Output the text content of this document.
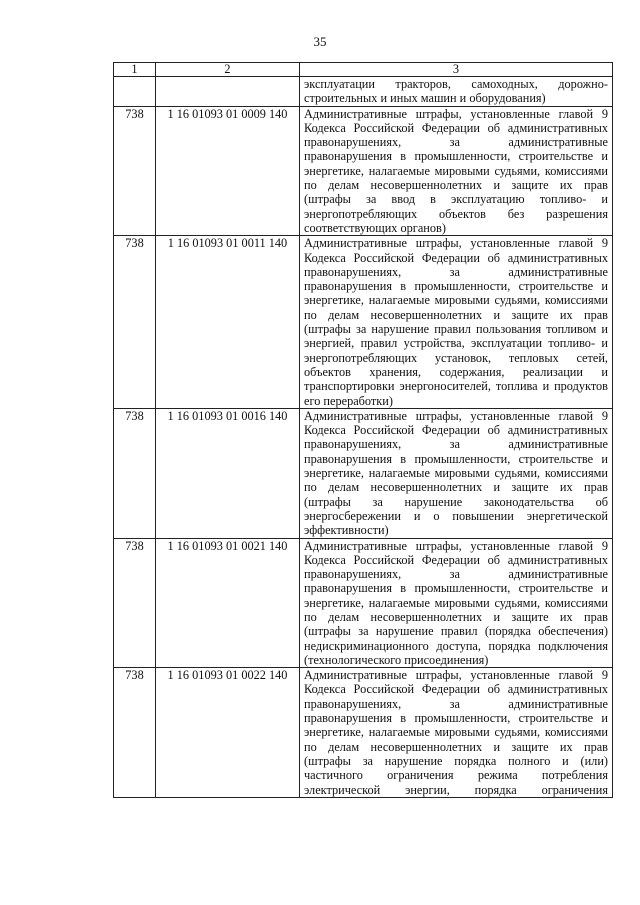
35
1	2	3
		эксплуатации тракторов, самоходных, дорожно-строительных и иных машин и оборудования)
738	1 16 01093 01 0009 140	Административные штрафы, установленные главой 9 Кодекса Российской Федерации об административных правонарушениях, за административные правонарушения в промышленности, строительстве и энергетике, налагаемые мировыми судьями, комиссиями по делам несовершеннолетних и защите их прав (штрафы за ввод в эксплуатацию топливо- и энергопотребляющих объектов без разрешения соответствующих органов)
738	1 16 01093 01 0011 140	Административные штрафы, установленные главой 9 Кодекса Российской Федерации об административных правонарушениях, за административные правонарушения в промышленности, строительстве и энергетике, налагаемые мировыми судьями, комиссиями по делам несовершеннолетних и защите их прав (штрафы за нарушение правил пользования топливом и энергией, правил устройства, эксплуатации топливо- и энергопотребляющих установок, тепловых сетей, объектов хранения, содержания, реализации и транспортировки энергоносителей, топлива и продуктов его переработки)
738	1 16 01093 01 0016 140	Административные штрафы, установленные главой 9 Кодекса Российской Федерации об административных правонарушениях, за административные правонарушения в промышленности, строительстве и энергетике, налагаемые мировыми судьями, комиссиями по делам несовершеннолетних и защите их прав (штрафы за нарушение законодательства об энергосбережении и о повышении энергетической эффективности)
738	1 16 01093 01 0021 140	Административные штрафы, установленные главой 9 Кодекса Российской Федерации об административных правонарушениях, за административные правонарушения в промышленности, строительстве и энергетике, налагаемые мировыми судьями, комиссиями по делам несовершеннолетних и защите их прав (штрафы за нарушение правил (порядка обеспечения) недискриминационного доступа, порядка подключения (технологического присоединения)
738	1 16 01093 01 0022 140	Административные штрафы, установленные главой 9 Кодекса Российской Федерации об административных правонарушениях, за административные правонарушения в промышленности, строительстве и энергетике, налагаемые мировыми судьями, комиссиями по делам несовершеннолетних и защите их прав (штрафы за нарушение порядка полного и (или) частичного ограничения режима потребления электрической энергии, порядка ограничения
